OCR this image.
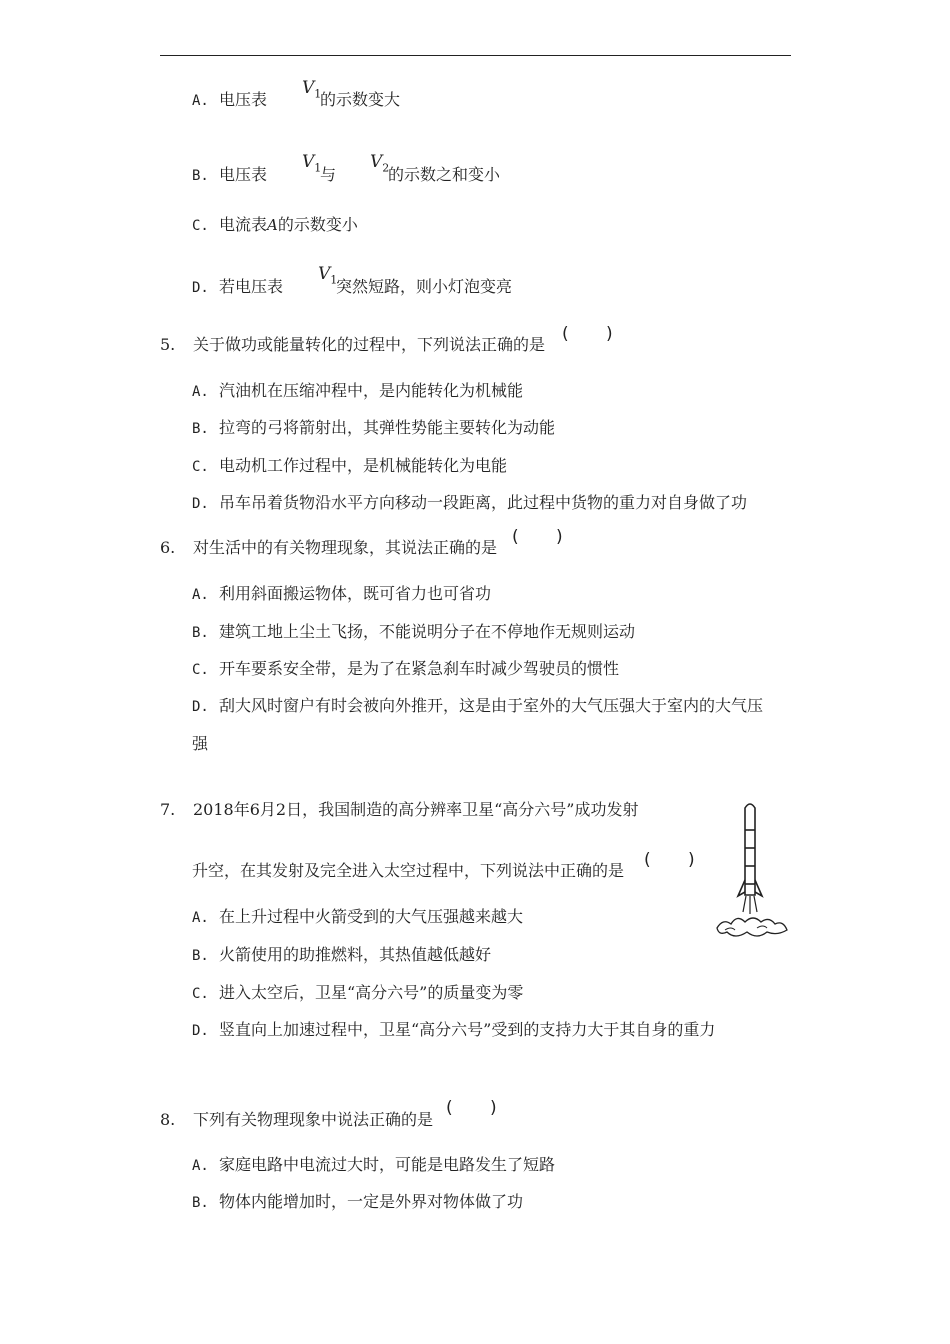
A. 电压表
$V_1$
的示数变大
B. 电压表
$V_1$
与
$V_2$
的示数之和变小
C. 电流表A的示数变小
D. 若电压表
$V_1$
突然短路，则小灯泡变亮
5. 关于做功或能量转化的过程中，下列说法正确的是
( )
A. 汽油机在压缩冲程中，是内能转化为机械能
B. 拉弯的弓将箭射出，其弹性势能主要转化为动能
C. 电动机工作过程中，是机械能转化为电能
D. 吊车吊着货物沿水平方向移动一段距离，此过程中货物的重力对自身做了功
6. 对生活中的有关物理现象，其说法正确的是
( )
A. 利用斜面搬运物体，既可省力也可省功
B. 建筑工地上尘土飞扬，不能说明分子在不停地作无规则运动
C. 开车要系安全带，是为了在紧急刹车时减少驾驶员的惯性
D. 刮大风时窗户有时会被向外推开，这是由于室外的大气压强大于室内的大气压
强
7. 2018年6月2日，我国制造的高分辨率卫星“高分六号”成功发射
升空，在其发射及完全进入太空过程中，下列说法中正确的是
( )
A. 在上升过程中火箭受到的大气压强越来越大
B. 火箭使用的助推燃料，其热值越低越好
C. 进入太空后，卫星“高分六号”的质量变为零
D. 竖直向上加速过程中，卫星“高分六号”受到的支持力大于其自身的重力
8. 下列有关物理现象中说法正确的是
( )
A. 家庭电路中电流过大时，可能是电路发生了短路
B. 物体内能增加时，一定是外界对物体做了功
